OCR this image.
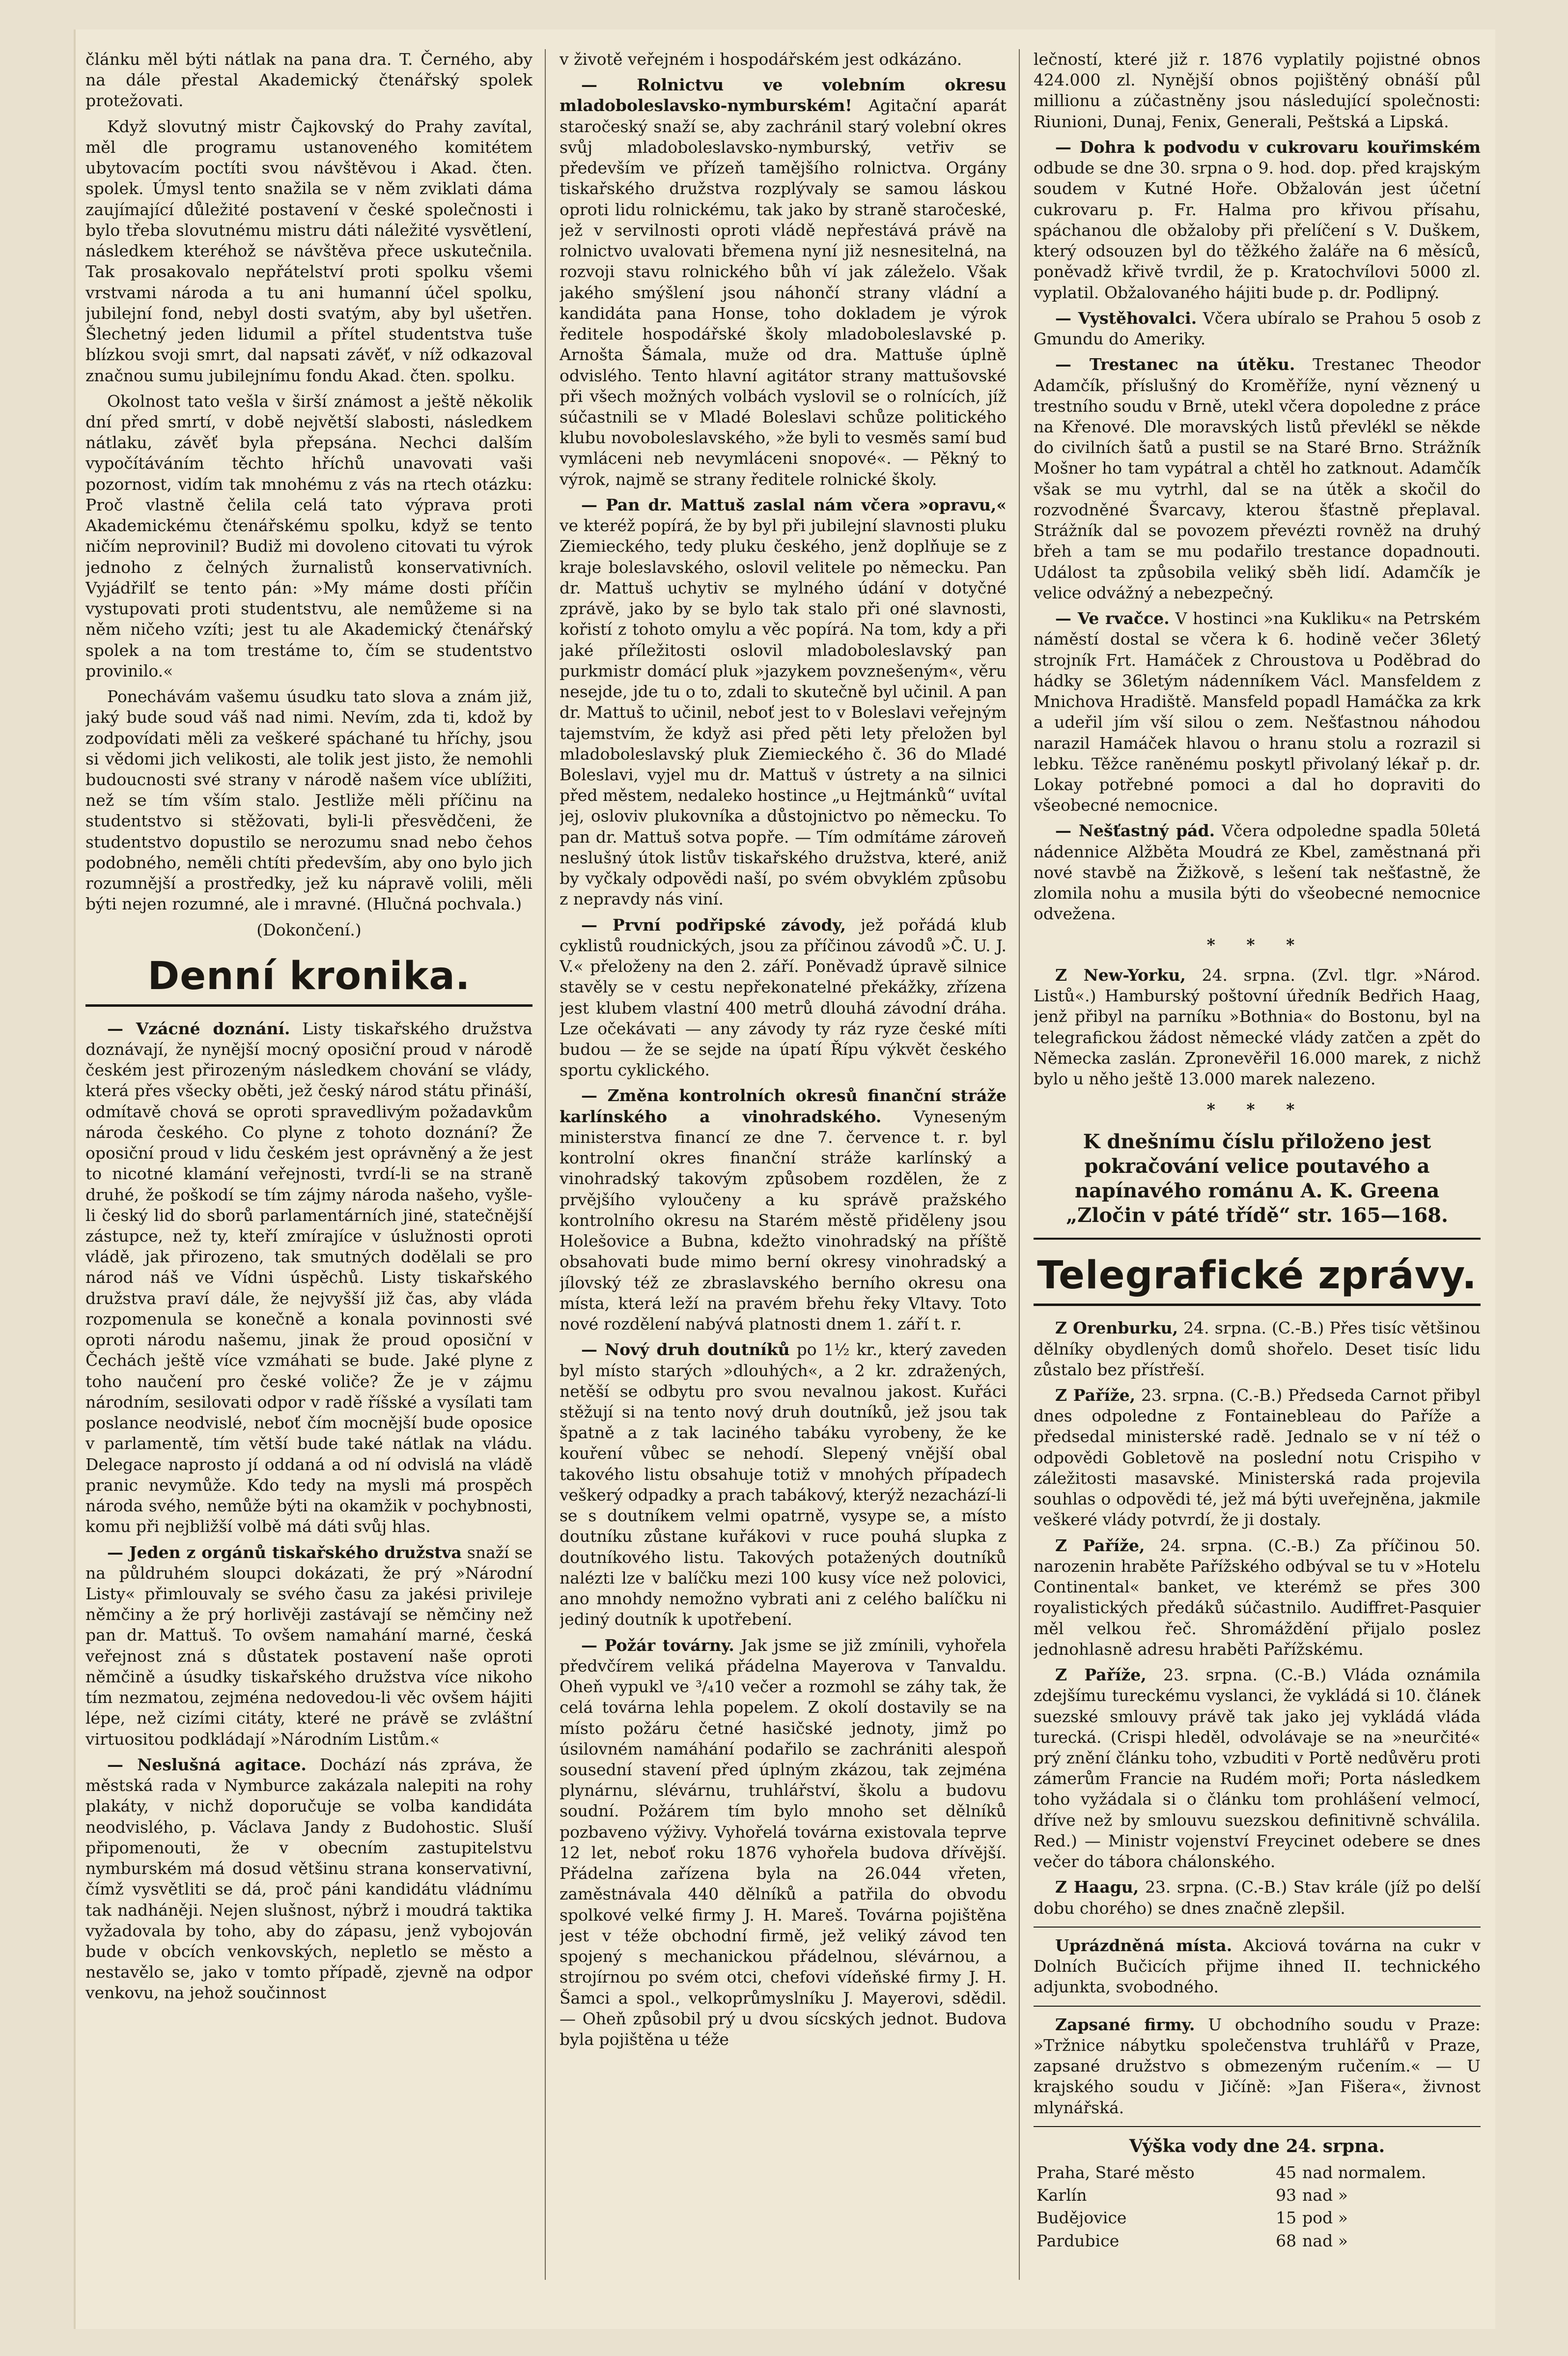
článku měl býti nátlak na pana dra. T. Černého, aby na dále přestal Akademický čtenářský spolek protežovati.

Když slovutný mistr Čajkovský do Prahy zavítal, měl dle programu ustanoveného komitétem ubytovacím poctíti svou návštěvou i Akad. čten. spolek. Úmysl tento snažila se v něm zviklati dáma zaujímající důležité postavení v české společnosti i bylo třeba slovutnému mistru dáti náležité vysvětlení, následkem kteréhož se návštěva přece uskutečnila. Tak prosakovalo nepřátelství proti spolku všemi vrstvami národa a tu ani humanní účel spolku, jubilejní fond, nebyl dosti svatým, aby byl ušetřen. Šlechetný jeden lidumil a přítel studentstva tuše blízkou svoji smrt, dal napsati závěť, v níž odkazoval značnou sumu jubilejnímu fondu Akad. čten. spolku.

Okolnost tato vešla v širší známost a ještě několik dní před smrtí, v době největší slabosti, následkem nátlaku, závěť byla přepsána. Nechci dalším vypočítáváním těchto hříchů unavovati vaši pozornost, vidím tak mnohému z vás na rtech otázku: Proč vlastně čelila celá tato výprava proti Akademickému čtenářskému spolku, když se tento ničím neprovinil? Budiž mi dovoleno citovati tu výrok jednoho z čelných žurnalistů konservativních. Vyjádřilť se tento pán: »My máme dosti příčin vystupovati proti studentstvu, ale nemůžeme si na něm ničeho vzíti; jest tu ale Akademický čtenářský spolek a na tom trestáme to, čím se studentstvo provinilo.«

Ponechávám vašemu úsudku tato slova a znám již, jaký bude soud váš nad nimi. Nevím, zda ti, kdož by zodpovídati měli za veškeré spáchané tu hříchy, jsou si vědomi jich velikosti, ale tolik jest jisto, že nemohli budoucnosti své strany v národě našem více ublížiti, než se tím vším stalo. Jestliže měli příčinu na studentstvo si stěžovati, byli-li přesvědčeni, že studentstvo dopustilo se nerozumu snad nebo čehos podobného, neměli chtíti především, aby ono bylo jich rozumnější a prostředky, jež ku nápravě volili, měli býti nejen rozumné, ale i mravné. (Hlučná pochvala.)

(Dokončení.)
Denní kronika.

— Vzácné doznání. Listy tiskařského družstva doznávají, že nynější mocný oposiční proud v národě českém jest přirozeným následkem chování se vlády, která přes všecky oběti, jež český národ státu přináší, odmítavě chová se oproti spravedlivým požadavkům národa českého. Co plyne z tohoto doznání? Že oposiční proud v lidu českém jest oprávněný a že jest to nicotné klamání veřejnosti, tvrdí-li se na straně druhé, že poškodí se tím zájmy národa našeho, vyšle-li český lid do sborů parlamentárních jiné, statečnější zástupce, než ty, kteří zmírajíce v úslužnosti oproti vládě, jak přirozeno, tak smutných dodělali se pro národ náš ve Vídni úspěchů. Listy tiskařského družstva praví dále, že nejvyšší již čas, aby vláda rozpomenula se konečně a konala povinnosti své oproti národu našemu, jinak že proud oposiční v Čechách ještě více vzmáhati se bude. Jaké plyne z toho naučení pro české voliče? Že je v zájmu národním, sesilovati odpor v radě říšské a vysílati tam poslance neodvislé, neboť čím mocnější bude oposice v parlamentě, tím větší bude také nátlak na vládu. Delegace naprosto jí oddaná a od ní odvislá na vládě pranic nevymůže. Kdo tedy na mysli má prospěch národa svého, nemůže býti na okamžik v pochybnosti, komu při nejbližší volbě má dáti svůj hlas.

— Jeden z orgánů tiskařského družstva snaží se na půldruhém sloupci dokázati, že prý »Národní Listy« přimlouvaly se svého času za jakési privileje němčiny a že prý horlivěji zastávají se němčiny než pan dr. Mattuš. To ovšem namahání marné, česká veřejnost zná s důstatek postavení naše oproti němčině a úsudky tiskařského družstva více nikoho tím nezmatou, zejména nedovedou-li věc ovšem hájiti lépe, než cizími citáty, které ne právě se zvláštní virtuositou podkládají »Národním Listům.«

— Neslušná agitace. Dochází nás zpráva, že městská rada v Nymburce zakázala nalepiti na rohy plakáty, v nichž doporučuje se volba kandidáta neodvislého, p. Václava Jandy z Budohostic. Sluší připomenouti, že v obecním zastupitelstvu nymburském má dosud většinu strana konservativní, čímž vysvětliti se dá, proč páni kandidátu vládnímu tak nadháněji. Nejen slušnost, nýbrž i moudrá taktika vyžadovala by toho, aby do zápasu, jenž vybojován bude v obcích venkovských, nepletlo se město a nestavělo se, jako v tomto případě, zjevně na odpor venkovu, na jehož součinnost

v životě veřejném i hospodářském jest odkázáno.

— Rolnictvu ve volebním okresu mladoboleslavsko-nymburském! Agitační aparát staročeský snaží se, aby zachránil starý volební okres svůj mladoboleslavsko-nymburský, vetřiv se především ve přízeň tamějšího rolnictva. Orgány tiskařského družstva rozplývaly se samou láskou oproti lidu rolnickému, tak jako by straně staročeské, jež v servilnosti oproti vládě nepřestává právě na rolnictvo uvalovati břemena nyní již nesnesitelná, na rozvoji stavu rolnického bůh ví jak záleželo. Však jakého smýšlení jsou náhončí strany vládní a kandidáta pana Honse, toho dokladem je výrok ředitele hospodářské školy mladoboleslavské p. Arnošta Šámala, muže od dra. Mattuše úplně odvislého. Tento hlavní agitátor strany mattušovské při všech možných volbách vyslovil se o rolnících, jíž súčastnili se v Mladé Boleslavi schůze politického klubu novoboleslavského, »že byli to vesměs samí bud vymláceni neb nevymláceni snopové«. — Pěkný to výrok, najmě se strany ředitele rolnické školy.

— Pan dr. Mattuš zaslal nám včera »opravu,« ve kteréž popírá, že by byl při jubilejní slavnosti pluku Ziemieckého, tedy pluku českého, jenž doplňuje se z kraje boleslavského, oslovil velitele po německu. Pan dr. Mattuš uchytiv se mylného údání v dotyčné zprávě, jako by se bylo tak stalo při oné slavnosti, kořistí z tohoto omylu a věc popírá. Na tom, kdy a při jaké příležitosti oslovil mladoboleslavský pan purkmistr domácí pluk »jazykem povznešeným«, věru nesejde, jde tu o to, zdali to skutečně byl učinil. A pan dr. Mattuš to učinil, neboť jest to v Boleslavi veřejným tajemstvím, že když asi před pěti lety přeložen byl mladoboleslavský pluk Ziemieckého č. 36 do Mladé Boleslavi, vyjel mu dr. Mattuš v ústrety a na silnici před městem, nedaleko hostince „u Hejtmánků“ uvítal jej, osloviv plukovníka a důstojnictvo po německu. To pan dr. Mattuš sotva popře. — Tím odmítáme zároveň neslušný útok listův tiskařského družstva, které, aniž by vyčkaly odpovědi naší, po svém obvyklém způsobu z nepravdy nás viní.

— První podřipské závody, jež pořádá klub cyklistů roudnických, jsou za příčinou závodů »Č. U. J. V.« přeloženy na den 2. září. Poněvadž úpravě silnice stavěly se v cestu nepřekonatelné překážky, zřízena jest klubem vlastní 400 metrů dlouhá závodní dráha. Lze očekávati — any závody ty ráz ryze české míti budou — že se sejde na úpatí Řípu výkvět českého sportu cyklického.

— Změna kontrolních okresů finanční stráže karlínského a vinohradského. Vyneseným ministerstva financí ze dne 7. července t. r. byl kontrolní okres finanční stráže karlínský a vinohradský takovým způsobem rozdělen, že z prvějšího vyloučeny a ku správě pražského kontrolního okresu na Starém městě přiděleny jsou Holešovice a Bubna, kdežto vinohradský na příště obsahovati bude mimo berní okresy vinohradský a jílovský též ze zbraslavského berního okresu ona místa, která leží na pravém břehu řeky Vltavy. Toto nové rozdělení nabývá platnosti dnem 1. září t. r.

— Nový druh doutníků po 1½ kr., který zaveden byl místo starých »dlouhých«, a 2 kr. zdražených, netěší se odbytu pro svou nevalnou jakost. Kuřáci stěžují si na tento nový druh doutníků, jež jsou tak špatně a z tak laciného tabáku vyrobeny, že ke kouření vůbec se nehodí. Slepený vnější obal takového listu obsahuje totiž v mnohých případech veškerý odpadky a prach tabákový, kterýž nezachází-li se s doutníkem velmi opatrně, vysype se, a místo doutníku zůstane kuřákovi v ruce pouhá slupka z doutníkového listu. Takových potažených doutníků nalézti lze v balíčku mezi 100 kusy více než polovici, ano mnohdy nemožno vybrati ani z celého balíčku ni jediný doutník k upotřebení.

— Požár továrny. Jak jsme se již zmínili, vyhořela předvčírem veliká přádelna Mayerova v Tanvaldu. Oheň vypukl ve ³/₄10 večer a rozmohl se záhy tak, že celá továrna lehla popelem. Z okolí dostavily se na místo požáru četné hasičské jednoty, jimž po úsilovném namáhání podařilo se zachrániti alespoň sousední stavení před úplným zkázou, tak zejména plynárnu, slévárnu, truhlářství, školu a budovu soudní. Požárem tím bylo mnoho set dělníků pozbaveno výživy. Vyhořelá továrna existovala teprve 12 let, neboť roku 1876 vyhořela budova dřívější. Přádelna zařízena byla na 26.044 vřeten, zaměstnávala 440 dělníků a patřila do obvodu spolkové velké firmy J. H. Mareš. Továrna pojištěna jest v téže obchodní firmě, jež veliký závod ten spojený s mechanickou přádelnou, slévárnou, a strojírnou po svém otci, chefovi vídeňské firmy J. H. Šamci a spol., velkoprůmyslníku J. Mayerovi, sdědil. — Oheň způsobil prý u dvou sícských jednot. Budova byla pojištěna u téže

lečností, které již r. 1876 vyplatily pojistné obnos 424.000 zl. Nynější obnos pojištěný obnáší půl millionu a zúčastněny jsou následující společnosti: Riunioni, Dunaj, Fenix, Generali, Peštská a Lipská.

— Dohra k podvodu v cukrovaru kouřimském odbude se dne 30. srpna o 9. hod. dop. před krajským soudem v Kutné Hoře. Obžalován jest účetní cukrovaru p. Fr. Halma pro křivou přísahu, spáchanou dle obžaloby při přelíčení s V. Duškem, který odsouzen byl do těžkého žaláře na 6 měsíců, poněvadž křivě tvrdil, že p. Kratochvílovi 5000 zl. vyplatil. Obžalovaného hájiti bude p. dr. Podlipný.

— Vystěhovalci. Včera ubíralo se Prahou 5 osob z Gmundu do Ameriky.

— Trestanec na útěku. Trestanec Theodor Adamčík, příslušný do Kroměříže, nyní věznený u trestního soudu v Brně, utekl včera dopoledne z práce na Křenové. Dle moravských listů převlékl se někde do civilních šatů a pustil se na Staré Brno. Strážník Mošner ho tam vypátral a chtěl ho zatknout. Adamčík však se mu vytrhl, dal se na útěk a skočil do rozvodněné Švarcavy, kterou šťastně přeplaval. Strážník dal se povozem převézti rovněž na druhý břeh a tam se mu podařilo trestance dopadnouti. Událost ta způsobila veliký sběh lidí. Adamčík je velice odvážný a nebezpečný.

— Ve rvačce. V hostinci »na Kukliku« na Petrském náměstí dostal se včera k 6. hodině večer 36letý strojník Frt. Hamáček z Chroustova u Poděbrad do hádky se 36letým nádenníkem Václ. Mansfeldem z Mnichova Hradiště. Mansfeld popadl Hamáčka za krk a udeřil jím vší silou o zem. Nešťastnou náhodou narazil Hamáček hlavou o hranu stolu a rozrazil si lebku. Těžce raněnému poskytl přivolaný lékař p. dr. Lokay potřebné pomoci a dal ho dopraviti do všeobecné nemocnice.

— Nešťastný pád. Včera odpoledne spadla 50letá nádennice Alžběta Moudrá ze Kbel, zaměstnaná při nové stavbě na Žižkově, s lešení tak nešťastně, že zlomila nohu a musila býti do všeobecné nemocnice odvežena.

* * *

Z New-Yorku, 24. srpna. (Zvl. tlgr. »Národ. Listů«.) Hamburský poštovní úředník Bedřich Haag, jenž přibyl na parníku »Bothnia« do Bostonu, byl na telegrafickou žádost německé vlády zatčen a zpět do Německa zaslán. Zpronevěřil 16.000 marek, z nichž bylo u něho ještě 13.000 marek nalezeno.

* * *
K dnešnímu číslu přiloženo jest pokračování velice poutavého a napínavého románu A. K. Greena „Zločin v páté třídě“ str. 165—168.
Telegrafické zprávy.

Z Orenburku, 24. srpna. (C.-B.) Přes tisíc většinou dělníky obydlených domů shořelo. Deset tisíc lidu zůstalo bez přístřeší.

Z Paříže, 23. srpna. (C.-B.) Předseda Carnot přibyl dnes odpoledne z Fontainebleau do Paříže a předsedal ministerské radě. Jednalo se v ní též o odpovědi Gobletově na poslední notu Crispiho v záležitosti masavské. Ministerská rada projevila souhlas o odpovědi té, jež má býti uveřejněna, jakmile veškeré vlády potvrdí, že ji dostaly.

Z Paříže, 24. srpna. (C.-B.) Za příčinou 50. narozenin hraběte Pařížského odbýval se tu v »Hotelu Continental« banket, ve kterémž se přes 300 royalistických předáků súčastnilo. Audiffret-Pasquier měl velkou řeč. Shromáždění přijalo poslez jednohlasně adresu hraběti Pařížskému.

Z Paříže, 23. srpna. (C.-B.) Vláda oznámila zdejšímu tureckému vyslanci, že vykládá si 10. článek suezské smlouvy právě tak jako jej vykládá vláda turecká. (Crispi hleděl, odvolávaje se na »neurčité« prý znění článku toho, vzbuditi v Portě nedůvěru proti zámerům Francie na Rudém moři; Porta následkem toho vyžádala si o článku tom prohlášení velmocí, dříve než by smlouvu suezskou definitivně schválila. Red.) — Ministr vojenství Freycinet odebere se dnes večer do tábora chálonského.

Z Haagu, 23. srpna. (C.-B.) Stav krále (jíž po delší dobu chorého) se dnes značně zlepšil.

Uprázdněná místa. Akciová továrna na cukr v Dolních Bučicích přijme ihned II. technického adjunkta, svobodného.

Zapsané firmy. U obchodního soudu v Praze: »Tržnice nábytku společenstva truhlářů v Praze, zapsané družstvo s obmezeným ručením.« — U krajského soudu v Jičíně: »Jan Fišera«, živnost mlynářská.

Výška vody dne 24. srpna.
Praha, Staré město	45	nad normalem.
Karlín	93	nad »
Budějovice	15	pod »
Pardubice	68	nad »
